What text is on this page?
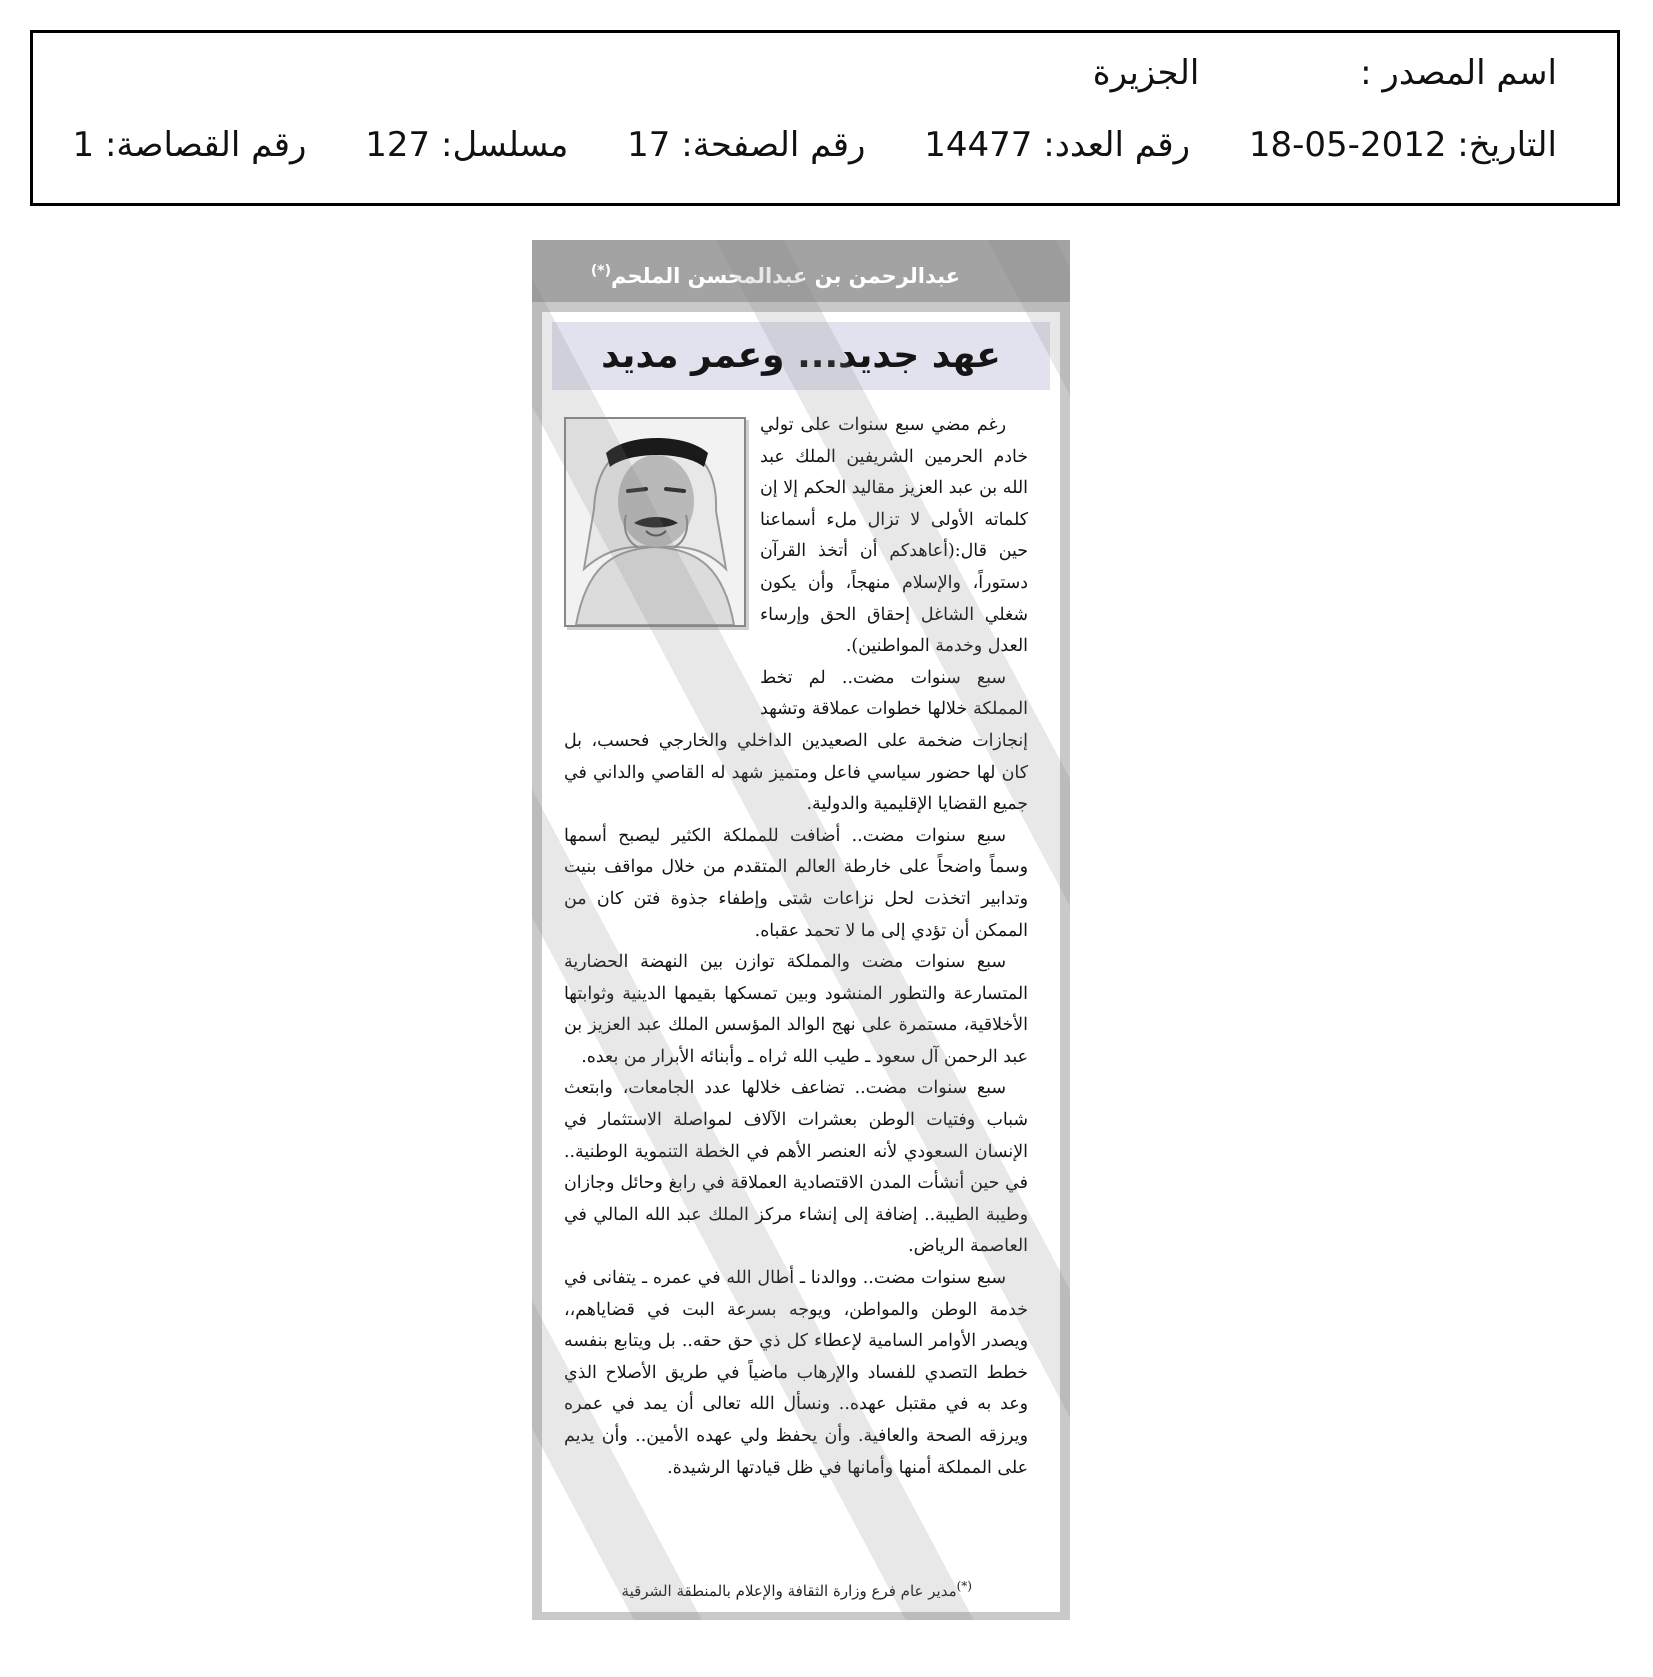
اسم المصدر : الجزيرة
التاريخ: 2012-05-18 رقم العدد: 14477 رقم الصفحة: 17 مسلسل: 127 رقم القصاصة: 1
عبدالرحمن بن عبدالمحسن الملحم(*)
عهد جديد... وعمر مديد

رغم مضي سبع سنوات على تولي خادم الحرمين الشريفين الملك عبد الله بن عبد العزيز مقاليد الحكم إلا إن كلماته الأولى لا تزال ملء أسماعنا حين قال:(أعاهدكم أن أتخذ القرآن دستوراً، والإسلام منهجاً، وأن يكون شغلي الشاغل إحقاق الحق وإرساء العدل وخدمة المواطنين).

سبع سنوات مضت.. لم تخط المملكة خلالها خطوات عملاقة وتشهد إنجازات ضخمة على الصعيدين الداخلي والخارجي فحسب، بل كان لها حضور سياسي فاعل ومتميز شهد له القاصي والداني في جميع القضايا الإقليمية والدولية.

سبع سنوات مضت.. أضافت للمملكة الكثير ليصبح أسمها وسماً واضحاً على خارطة العالم المتقدم من خلال مواقف بنيت وتدابير اتخذت لحل نزاعات شتى وإطفاء جذوة فتن كان من الممكن أن تؤدي إلى ما لا تحمد عقباه.

سبع سنوات مضت والمملكة توازن بين النهضة الحضارية المتسارعة والتطور المنشود وبين تمسكها بقيمها الدينية وثوابتها الأخلاقية، مستمرة على نهج الوالد المؤسس الملك عبد العزيز بن عبد الرحمن آل سعود ـ طيب الله ثراه ـ وأبنائه الأبرار من بعده.

سبع سنوات مضت.. تضاعف خلالها عدد الجامعات، وابتعث شباب وفتيات الوطن بعشرات الآلاف لمواصلة الاستثمار في الإنسان السعودي لأنه العنصر الأهم في الخطة التنموية الوطنية.. في حين أنشأت المدن الاقتصادية العملاقة في رابغ وحائل وجازان وطيبة الطيبة.. إضافة إلى إنشاء مركز الملك عبد الله المالي في العاصمة الرياض.

سبع سنوات مضت.. ووالدنا ـ أطال الله في عمره ـ يتفانى في خدمة الوطن والمواطن، ويوجه بسرعة البت في قضاياهم،، ويصدر الأوامر السامية لإعطاء كل ذي حق حقه.. بل ويتابع بنفسه خطط التصدي للفساد والإرهاب ماضياً في طريق الأصلاح الذي وعد به في مقتبل عهده.. ونسأل الله تعالى أن يمد في عمره ويرزقه الصحة والعافية. وأن يحفظ ولي عهده الأمين.. وأن يديم على المملكة أمنها وأمانها في ظل قيادتها الرشيدة.

(*)مدير عام فرع وزارة الثقافة والإعلام بالمنطقة الشرقية
